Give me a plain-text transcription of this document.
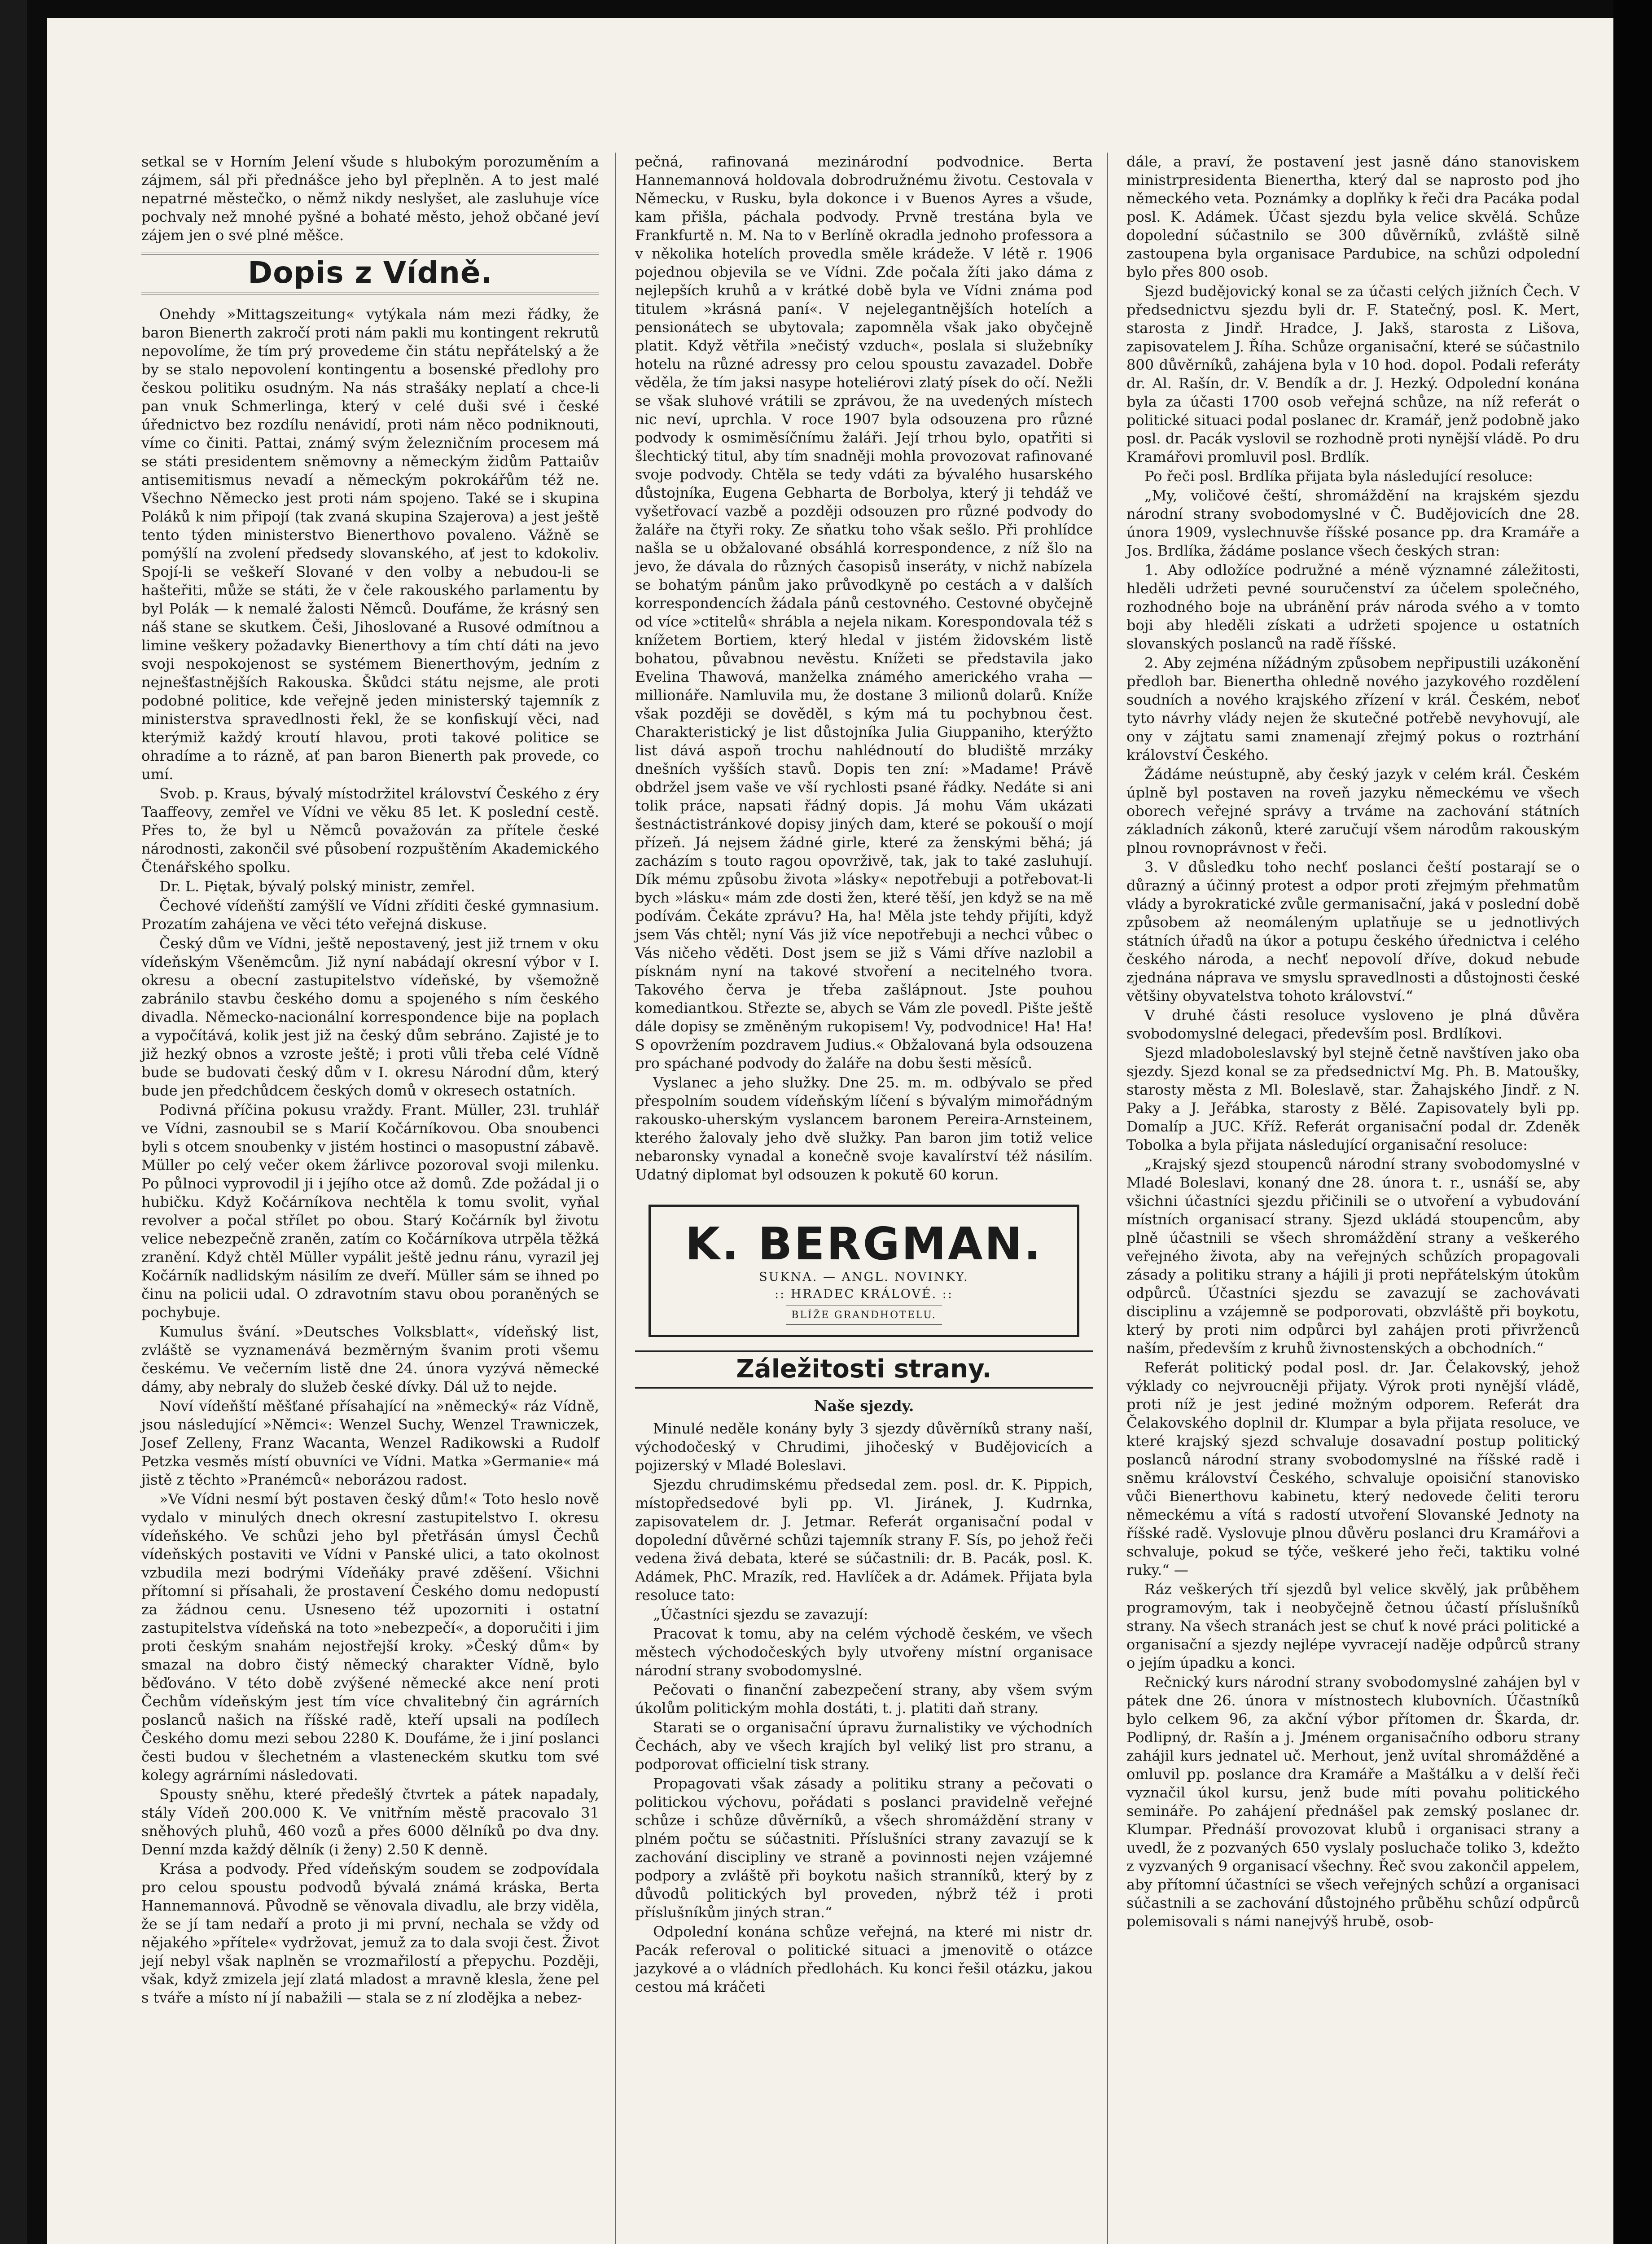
setkal se v Horním Jelení všude s hlubokým porozuměním a zájmem, sál při přednášce jeho byl přeplněn. A to jest malé nepatrné městečko, o němž nikdy neslyšet, ale zasluhuje více pochvaly než mnohé pyšné a bohaté město, jehož občané jeví zájem jen o své plné měšce.

Dopis z Vídně.

Onehdy »Mittagszeitung« vytýkala nám mezi řádky, že baron Bienerth zakročí proti nám pakli mu kontingent rekrutů nepovolíme, že tím prý provedeme čin státu nepřátelský a že by se stalo nepovolení kontingentu a bosenské předlohy pro českou politiku osudným. Na nás strašáky neplatí a chce-li pan vnuk Schmerlinga, který v celé duši své i české úřednictvo bez rozdílu nenávidí, proti nám něco podniknouti, víme co činiti. Pattai, známý svým železničním procesem má se státi presidentem sněmovny a německým židům Pattaiův antisemitismus nevadí a německým pokrokářům též ne. Všechno Německo jest proti nám spojeno. Také se i skupina Poláků k nim připojí (tak zvaná skupina Szajerova) a jest ještě tento týden ministerstvo Bienerthovo povaleno. Vážně se pomýšlí na zvolení předsedy slovanského, ať jest to kdokoliv. Spojí-li se veškeří Slované v den volby a nebudou-li se hašteřiti, může se státi, že v čele rakouského parlamentu by byl Polák — k nemalé žalosti Němců. Doufáme, že krásný sen náš stane se skutkem. Češi, Jihoslované a Rusové odmítnou a limine veškery požadavky Bienerthovy a tím chtí dáti na jevo svoji nespokojenost se systémem Bienerthovým, jedním z nejnešťastnějších Rakouska. Škůdci státu nejsme, ale proti podobné politice, kde veřejně jeden ministerský tajemník z ministerstva spravedlnosti řekl, že se konfiskují věci, nad kterýmiž každý kroutí hlavou, proti takové politice se ohradíme a to rázně, ať pan baron Bienerth pak provede, co umí.

Svob. p. Kraus, bývalý místodržitel království Českého z éry Taaffeovy, zemřel ve Vídni ve věku 85 let. K poslední cestě. Přes to, že byl u Němců považován za přítele české národnosti, zakončil své působení rozpuštěním Akademického Čtenářského spolku.

Dr. L. Piętak, bývalý polský ministr, zemřel.

Čechové vídeňští zamýšlí ve Vídni zříditi české gymnasium. Prozatím zahájena ve věci této veřejná diskuse.

Český dům ve Vídni, ještě nepostavený, jest již trnem v oku vídeňským Všeněmcům. Již nyní nabádají okresní výbor v I. okresu a obecní zastupitelstvo vídeňské, by všemožně zabránilo stavbu českého domu a spojeného s ním českého divadla. Německo-nacionální korrespondence bije na poplach a vypočítává, kolik jest již na český dům sebráno. Zajisté je to již hezký obnos a vzroste ještě; i proti vůli třeba celé Vídně bude se budovati český dům v I. okresu Národní dům, který bude jen předchůdcem českých domů v okresech ostatních.

Podivná příčina pokusu vraždy. Frant. Müller, 23l. truhlář ve Vídni, zasnoubil se s Marií Kočárníkovou. Oba snoubenci byli s otcem snoubenky v jistém hostinci o masopustní zábavě. Müller po celý večer okem žárlivce pozoroval svoji milenku. Po půlnoci vyprovodil ji i jejího otce až domů. Zde požádal ji o hubičku. Když Kočárníkova nechtěla k tomu svolit, vyňal revolver a počal střílet po obou. Starý Kočárník byl životu velice nebezpečně zraněn, zatím co Kočárníkova utrpěla těžká zranění. Když chtěl Müller vypálit ještě jednu ránu, vyrazil jej Kočárník nadlidským násilím ze dveří. Müller sám se ihned po činu na policii udal. O zdravotním stavu obou poraněných se pochybuje.

Kumulus švání. »Deutsches Volksblatt«, vídeňský list, zvláště se vyznamenává bezměrným švanim proti všemu českému. Ve večerním listě dne 24. února vyzývá německé dámy, aby nebraly do služeb české dívky. Dál už to nejde.

Noví vídeňští měšťané přísahající na »německý« ráz Vídně, jsou následující »Němci«: Wenzel Suchy, Wenzel Trawniczek, Josef Zelleny, Franz Wacanta, Wenzel Radikowski a Rudolf Petzka vesměs místí obuvníci ve Vídni. Matka »Germanie« má jistě z těchto »Pranémců« neborázou radost.

»Ve Vídni nesmí být postaven český dům!« Toto heslo nově vydalo v minulých dnech okresní zastupitelstvo I. okresu vídeňského. Ve schůzi jeho byl přetřásán úmysl Čechů vídeňských postaviti ve Vídni v Panské ulici, a tato okolnost vzbudila mezi bodrými Vídeňáky pravé zděšení. Všichni přítomní si přísahali, že prostavení Českého domu nedopustí za žádnou cenu. Usneseno též upozorniti i ostatní zastupitelstva vídeňská na toto »nebezpečí«, a doporučiti i jim proti českým snahám nejostřejší kroky. »Český dům« by smazal na dobro čistý německý charakter Vídně, bylo běďováno. V této době zvýšené německé akce není proti Čechům vídeňským jest tím více chvalitebný čin agrárních poslanců našich na říšské radě, kteří upsali na podílech Českého domu mezi sebou 2280 K. Doufáme, že i jiní poslanci česti budou v šlechetném a vlasteneckém skutku tom své kolegy agrárními následovati.

Spousty sněhu, které předešlý čtvrtek a pátek napadaly, stály Vídeň 200.000 K. Ve vnitřním městě pracovalo 31 sněhových pluhů, 460 vozů a přes 6000 dělníků po dva dny. Denní mzda každý dělník (i ženy) 2.50 K denně.

Krása a podvody. Před vídeňským soudem se zodpovídala pro celou spoustu podvodů bývalá známá kráska, Berta Hannemannová. Původně se věnovala divadlu, ale brzy viděla, že se jí tam nedaří a proto ji mi první, nechala se vždy od nějakého »přítele« vydržovat, jemuž za to dala svoji čest. Život její nebyl však naplněn se vrozmařilostí a přepychu. Později, však, když zmizela její zlatá mladost a mravně klesla, žene pel s tváře a místo ní jí nabažili — stala se z ní zlodějka a nebez-

pečná, rafinovaná mezinárodní podvodnice. Berta Hannemannová holdovala dobrodružnému životu. Cestovala v Německu, v Rusku, byla dokonce i v Buenos Ayres a všude, kam přišla, páchala podvody. Prvně trestána byla ve Frankfurtě n. M. Na to v Berlíně okradla jednoho professora a v několika hotelích provedla směle krádeže. V létě r. 1906 pojednou objevila se ve Vídni. Zde počala žíti jako dáma z nejlepších kruhů a v krátké době byla ve Vídni známa pod titulem »krásná paní«. V nejelegantnějších hotelích a pensionátech se ubytovala; zapomněla však jako obyčejně platit. Když větřila »nečistý vzduch«, poslala si služebníky hotelu na různé adressy pro celou spoustu zavazadel. Dobře věděla, že tím jaksi nasype hoteliérovi zlatý písek do očí. Nežli se však sluhové vrátili se zprávou, že na uvedených místech nic neví, uprchla. V roce 1907 byla odsouzena pro různé podvody k osmiměsíčnímu žaláři. Její trhou bylo, opatřiti si šlechtický titul, aby tím snadněji mohla provozovat rafinované svoje podvody. Chtěla se tedy vdáti za bývalého husarského důstojníka, Eugena Gebharta de Borbolya, který ji tehdáž ve vyšetřovací vazbě a později odsouzen pro různé podvody do žaláře na čtyři roky. Ze sňatku toho však sešlo. Při prohlídce našla se u obžalované obsáhlá korrespondence, z níž šlo na jevo, že dávala do různých časopisů inseráty, v nichž nabízela se bohatým pánům jako průvodkyně po cestách a v dalších korrespondencích žádala pánů cestovného. Cestovné obyčejně od více »ctitelů« shrábla a nejela nikam. Korespondovala též s knížetem Bortiem, který hledal v jistém židovském listě bohatou, půvabnou nevěstu. Knížeti se představila jako Evelina Thawová, manželka známého amerického vraha — millionáře. Namluvila mu, že dostane 3 milionů dolarů. Kníže však později se dověděl, s kým má tu pochybnou čest. Charakteristický je list důstojníka Julia Giuppaniho, kterýžto list dává aspoň trochu nahlédnoutí do bludiště mrzáky dnešních vyšších stavů. Dopis ten zní: »Madame! Právě obdržel jsem vaše ve vší rychlosti psané řádky. Nedáte si ani tolik práce, napsati řádný dopis. Já mohu Vám ukázati šestnáctistránkové dopisy jiných dam, které se pokouší o mojí přízeň. Já nejsem žádné girle, které za ženskými běhá; já zacházím s touto ragou opovrživě, tak, jak to také zasluhují. Dík mému způsobu života »lásky« nepotřebuji a potřebovat-li bych »lásku« mám zde dosti žen, které těší, jen když se na mě podívám. Čekáte zprávu? Ha, ha! Měla jste tehdy přijíti, když jsem Vás chtěl; nyní Vás již více nepotřebuji a nechci vůbec o Vás ničeho věděti. Dost jsem se již s Vámi dříve nazlobil a písknám nyní na takové stvoření a necitelného tvora. Takového červa je třeba zašlápnout. Jste pouhou komediantkou. Střezte se, abych se Vám zle povedl. Pište ještě dále dopisy se změněným rukopisem! Vy, podvodnice! Ha! Ha! S opovržením pozdravem Judius.« Obžalovaná byla odsouzena pro spáchané podvody do žaláře na dobu šesti měsíců.

Vyslanec a jeho služky. Dne 25. m. m. odbývalo se před přespolním soudem vídeňským líčení s bývalým mimořádným rakousko-uherským vyslancem baronem Pereira-Arnsteinem, kterého žalovaly jeho dvě služky. Pan baron jim totiž velice nebaronsky vynadal a konečně svoje kavalírství též násilím. Udatný diplomat byl odsouzen k pokutě 60 korun.

K. BERGMAN.
SUKNA. — ANGL. NOVINKY.
:: HRADEC KRÁLOVÉ. ::
BLÍŽE GRANDHOTELU.
Záležitosti strany.
Naše sjezdy.

Minulé neděle konány byly 3 sjezdy důvěrníků strany naší, východočeský v Chrudimi, jihočeský v Budějovicích a pojizerský v Mladé Boleslavi.

Sjezdu chrudimskému předsedal zem. posl. dr. K. Pippich, místopředsedové byli pp. Vl. Jiránek, J. Kudrnka, zapisovatelem dr. J. Jetmar. Referát organisační podal v dopolední důvěrné schůzi tajemník strany F. Sís, po jehož řeči vedena živá debata, které se súčastnili: dr. B. Pacák, posl. K. Adámek, PhC. Mrazík, red. Havlíček a dr. Adámek. Přijata byla resoluce tato:

„Účastníci sjezdu se zavazují:

Pracovat k tomu, aby na celém východě českém, ve všech městech východočeských byly utvořeny místní organisace národní strany svobodomyslné.

Pečovati o finanční zabezpečení strany, aby všem svým úkolům politickým mohla dostáti, t. j. platiti daň strany.

Starati se o organisační úpravu žurnalistiky ve východních Čechách, aby ve všech krajích byl veliký list pro stranu, a podporovat officielní tisk strany.

Propagovati však zásady a politiku strany a pečovati o politickou výchovu, pořádati s poslanci pravidelně veřejné schůze i schůze důvěrníků, a všech shromáždění strany v plném počtu se súčastniti. Příslušníci strany zavazují se k zachování discipliny ve straně a povinnosti nejen vzájemné podpory a zvláště při boykotu našich stranníků, který by z důvodů politických byl proveden, nýbrž též i proti příslušníkům jiných stran.“

Odpolední konána schůze veřejná, na které mi nistr dr. Pacák referoval o politické situaci a jmenovitě o otázce jazykové a o vládních předlohách. Ku konci řešil otázku, jakou cestou má kráčeti

dále, a praví, že postavení jest jasně dáno stanoviskem ministrpresidenta Bienertha, který dal se naprosto pod jho německého veta. Poznámky a doplňky k řeči dra Pacáka podal posl. K. Adámek. Účast sjezdu byla velice skvělá. Schůze dopolední súčastnilo se 300 důvěrníků, zvláště silně zastoupena byla organisace Pardubice, na schůzi odpolední bylo přes 800 osob.

Sjezd budějovický konal se za účasti celých jižních Čech. V předsednictvu sjezdu byli dr. F. Statečný, posl. K. Mert, starosta z Jindř. Hradce, J. Jakš, starosta z Lišova, zapisovatelem J. Říha. Schůze organisační, které se súčastnilo 800 důvěrníků, zahájena byla v 10 hod. dopol. Podali referáty dr. Al. Rašín, dr. V. Bendík a dr. J. Hezký. Odpolední konána byla za účasti 1700 osob veřejná schůze, na níž referát o politické situaci podal poslanec dr. Kramář, jenž podobně jako posl. dr. Pacák vyslovil se rozhodně proti nynější vládě. Po dru Kramářovi promluvil posl. Brdlík.

Po řeči posl. Brdlíka přijata byla následující resoluce:

„My, voličové čeští, shromáždění na krajském sjezdu národní strany svobodomyslné v Č. Budějovicích dne 28. února 1909, vyslechnuvše říšské posance pp. dra Kramáře a Jos. Brdlíka, žádáme poslance všech českých stran:

1. Aby odložíce podružné a méně významné záležitosti, hleděli udržeti pevné souručenství za účelem společného, rozhodného boje na ubránění práv národa svého a v tomto boji aby hleděli získati a udržeti spojence u ostatních slovanských poslanců na radě říšské.

2. Aby zejména nížádným způsobem nepřipustili uzákonění předloh bar. Bienertha ohledně nového jazykového rozdělení soudních a nového krajského zřízení v král. Českém, neboť tyto návrhy vlády nejen že skutečné potřebě nevyhovují, ale ony v zájtatu sami znamenají zřejmý pokus o roztrhání království Českého.

Žádáme neústupně, aby český jazyk v celém král. Českém úplně byl postaven na roveň jazyku německému ve všech oborech veřejné správy a trváme na zachování státních základních zákonů, které zaručují všem národům rakouským plnou rovnoprávnost v řeči.

3. V důsledku toho nechť poslanci čeští postarají se o důrazný a účinný protest a odpor proti zřejmým přehmatům vlády a byrokratické zvůle germanisační, jaká v poslední době způsobem až neomáleným uplatňuje se u jednotlivých státních úřadů na úkor a potupu českého úřednictva i celého českého národa, a nechť nepovolí dříve, dokud nebude zjednána náprava ve smyslu spravedlnosti a důstojnosti české většiny obyvatelstva tohoto království.“

V druhé části resoluce vysloveno je plná důvěra svobodomyslné delegaci, především posl. Brdlíkovi.

Sjezd mladoboleslavský byl stejně četně navštíven jako oba sjezdy. Sjezd konal se za předsednictví Mg. Ph. B. Matoušky, starosty města z Ml. Boleslavě, star. Žahajského Jindř. z N. Paky a J. Jeřábka, starosty z Bělé. Zapisovately byli pp. Domalíp a JUC. Kříž. Referát organisační podal dr. Zdeněk Tobolka a byla přijata následující organisační resoluce:

„Krajský sjezd stoupenců národní strany svobodomyslné v Mladé Boleslavi, konaný dne 28. února t. r., usnáší se, aby všichni účastníci sjezdu přičinili se o utvoření a vybudování místních organisací strany. Sjezd ukládá stoupencům, aby plně účastnili se všech shromáždění strany a veškerého veřejného života, aby na veřejných schůzích propagovali zásady a politiku strany a hájili ji proti nepřátelským útokům odpůrců. Účastníci sjezdu se zavazují se zachovávati disciplinu a vzájemně se podporovati, obzvláště při boykotu, který by proti nim odpůrci byl zahájen proti přivrženců naším, především z kruhů živnostenských a obchodních.“

Referát politický podal posl. dr. Jar. Čelakovský, jehož výklady co nejvroucněji přijaty. Výrok proti nynější vládě, proti níž je jest jediné možným odporem. Referát dra Čelakovského doplnil dr. Klumpar a byla přijata resoluce, ve které krajský sjezd schvaluje dosavadní postup politický poslanců národní strany svobodomyslné na říšské radě i sněmu království Českého, schvaluje opoisiční stanovisko vůči Bienerthovu kabinetu, který nedovede čeliti teroru německému a vítá s radostí utvoření Slovanské Jednoty na říšské radě. Vyslovuje plnou důvěru poslanci dru Kramářovi a schvaluje, pokud se týče, veškeré jeho řeči, taktiku volné ruky.“ —

Ráz veškerých tří sjezdů byl velice skvělý, jak průběhem programovým, tak i neobyčejně četnou účastí příslušníků strany. Na všech stranách jest se chuť k nové práci politické a organisační a sjezdy nejlépe vyvracejí naděje odpůrců strany o jejím úpadku a konci.

Rečnický kurs národní strany svobodomyslné zahájen byl v pátek dne 26. února v místnostech klubovních. Účastníků bylo celkem 96, za akční výbor přítomen dr. Škarda, dr. Podlipný, dr. Rašín a j. Jménem organisačního odboru strany zahájil kurs jednatel uč. Merhout, jenž uvítal shromážděné a omluvil pp. poslance dra Kramáře a Maštálku a v delší řeči vyznačil úkol kursu, jenž bude míti povahu politického semináře. Po zahájení přednášel pak zemský poslanec dr. Klumpar. Přednáší provozovat klubů i organisaci strany a uvedl, že z pozvaných 650 vyslaly posluchače toliko 3, kdežto z vyzvaných 9 organisací všechny. Řeč svou zakončil appelem, aby přítomní účastníci se všech veřejných schůzí a organisaci súčastnili a se zachování důstojného průběhu schůzí odpůrců polemisovali s námi nanejvýš hrubě, osob-
